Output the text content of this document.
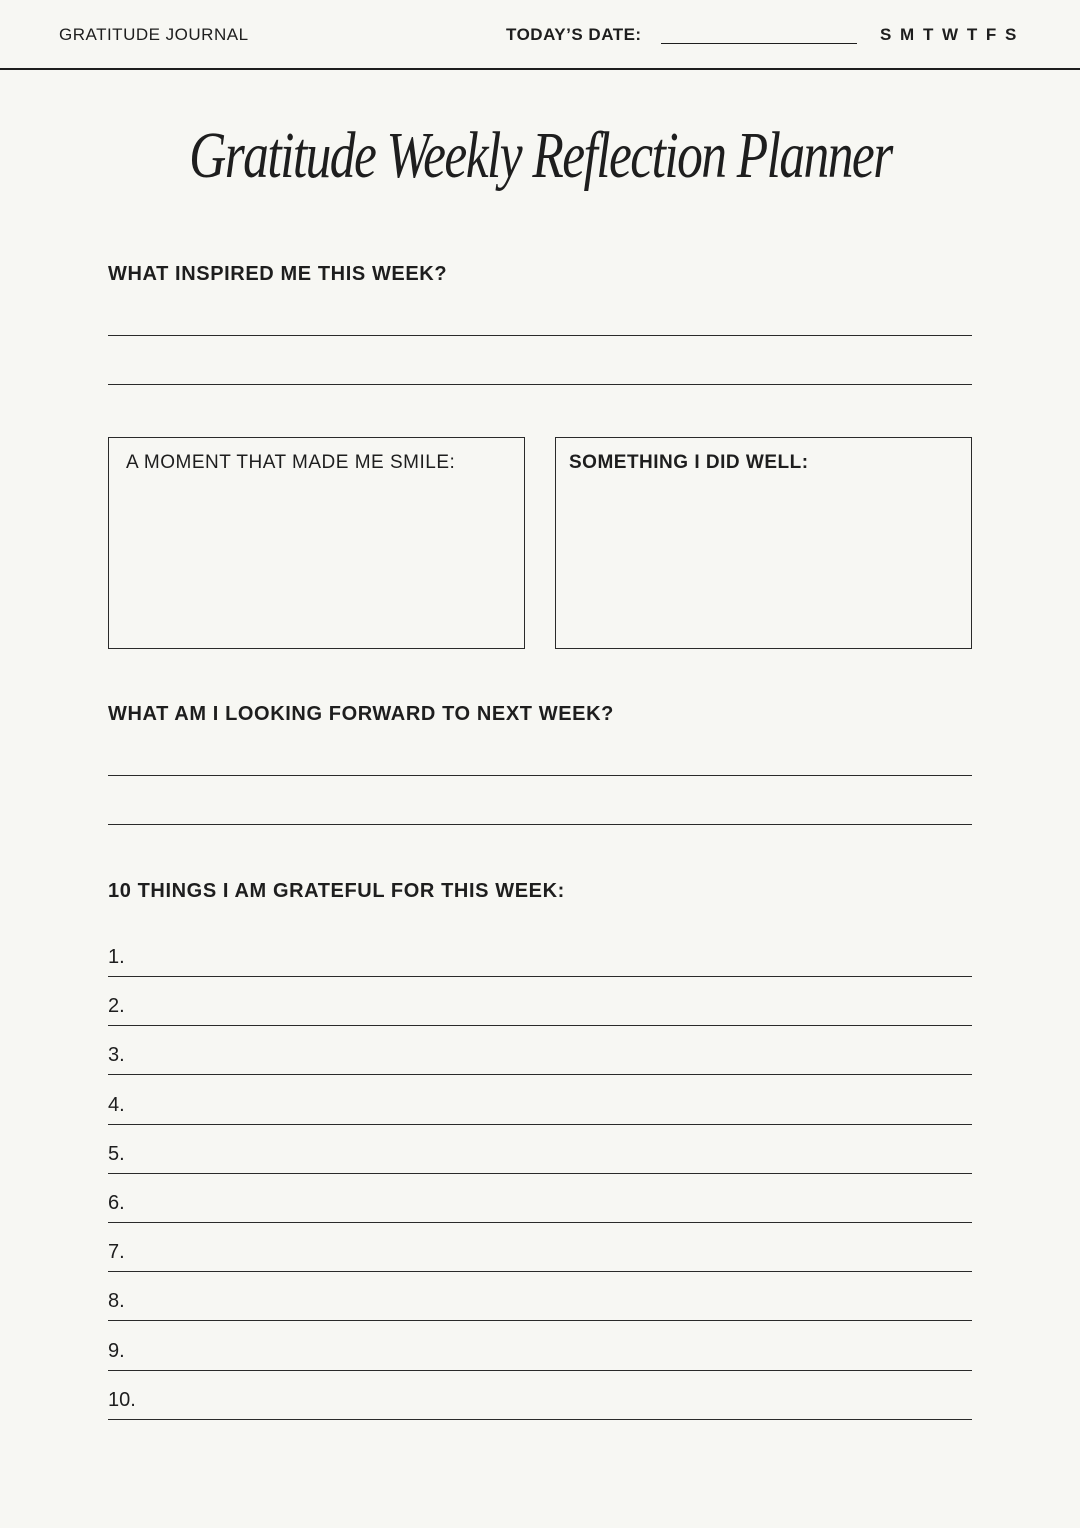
GRATITUDE JOURNAL	TODAY’S DATE:	S M T W T F S
Gratitude Weekly Reflection Planner
WHAT INSPIRED ME THIS WEEK?
A MOMENT THAT MADE ME SMILE:	SOMETHING I DID WELL:
WHAT AM I LOOKING FORWARD TO NEXT WEEK?
10 THINGS I AM GRATEFUL FOR THIS WEEK:
1.
2.
3.
4.
5.
6.
7.
8.
9.
10.
